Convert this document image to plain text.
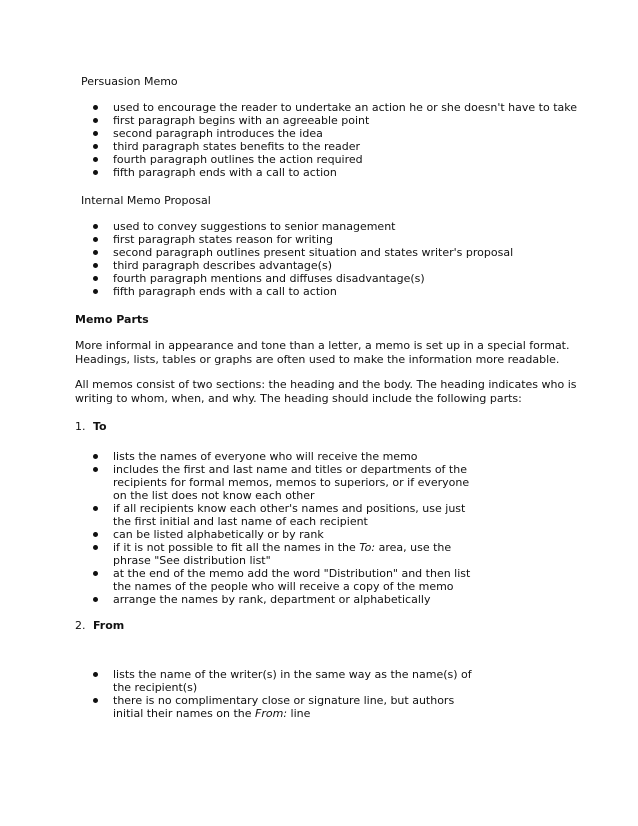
Persuasion Memo
used to encourage the reader to undertake an action he or she doesn't have to take
first paragraph begins with an agreeable point
second paragraph introduces the idea
third paragraph states benefits to the reader
fourth paragraph outlines the action required
fifth paragraph ends with a call to action
Internal Memo Proposal
used to convey suggestions to senior management
first paragraph states reason for writing
second paragraph outlines present situation and states writer's proposal
third paragraph describes advantage(s)
fourth paragraph mentions and diffuses disadvantage(s)
fifth paragraph ends with a call to action
Memo Parts
More informal in appearance and tone than a letter, a memo is set up in a special format.
Headings, lists, tables or graphs are often used to make the information more readable.
All memos consist of two sections: the heading and the body. The heading indicates who is
writing to whom, when, and why. The heading should include the following parts:
1. To
lists the names of everyone who will receive the memo
includes the first and last name and titles or departments of the
recipients for formal memos, memos to superiors, or if everyone
on the list does not know each other
if all recipients know each other's names and positions, use just
the first initial and last name of each recipient
can be listed alphabetically or by rank
if it is not possible to fit all the names in the To: area, use the
phrase "See distribution list"
at the end of the memo add the word "Distribution" and then list
the names of the people who will receive a copy of the memo
arrange the names by rank, department or alphabetically
2. From
lists the name of the writer(s) in the same way as the name(s) of
the recipient(s)
there is no complimentary close or signature line, but authors
initial their names on the From: line
